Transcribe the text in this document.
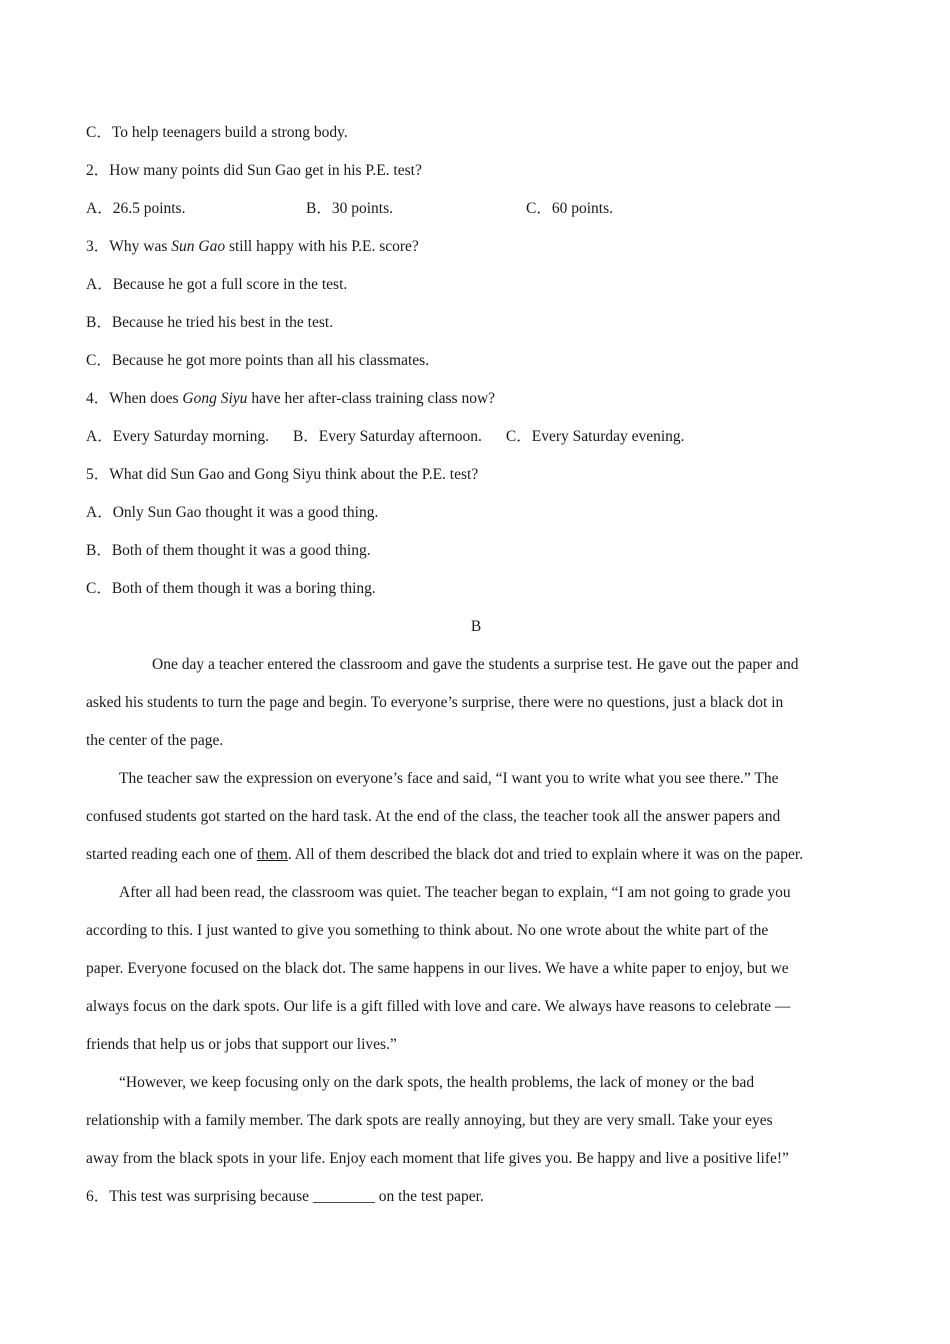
C．To help teenagers build a strong body.
2．How many points did Sun Gao get in his P.E. test?
A．26.5 points.	B．30 points.	C．60 points.
3．Why was Sun Gao still happy with his P.E. score?
A．Because he got a full score in the test.
B．Because he tried his best in the test.
C．Because he got more points than all his classmates.
4．When does Gong Siyu have her after-class training class now?
A．Every Saturday morning. B．Every Saturday afternoon. C．Every Saturday evening.
5．What did Sun Gao and Gong Siyu think about the P.E. test?
A．Only Sun Gao thought it was a good thing.
B．Both of them thought it was a good thing.
C．Both of them though it was a boring thing.
B
One day a teacher entered the classroom and gave the students a surprise test. He gave out the paper and
asked his students to turn the page and begin. To everyone’s surprise, there were no questions, just a black dot in
the center of the page.
The teacher saw the expression on everyone’s face and said, “I want you to write what you see there.” The
confused students got started on the hard task. At the end of the class, the teacher took all the answer papers and
started reading each one of them. All of them described the black dot and tried to explain where it was on the paper.
After all had been read, the classroom was quiet. The teacher began to explain, “I am not going to grade you
according to this. I just wanted to give you something to think about. No one wrote about the white part of the
paper. Everyone focused on the black dot. The same happens in our lives. We have a white paper to enjoy, but we
always focus on the dark spots. Our life is a gift filled with love and care. We always have reasons to celebrate —
friends that help us or jobs that support our lives.”
“However, we keep focusing only on the dark spots, the health problems, the lack of money or the bad
relationship with a family member. The dark spots are really annoying, but they are very small. Take your eyes
away from the black spots in your life. Enjoy each moment that life gives you. Be happy and live a positive life!”
6．This test was surprising because ________ on the test paper.
